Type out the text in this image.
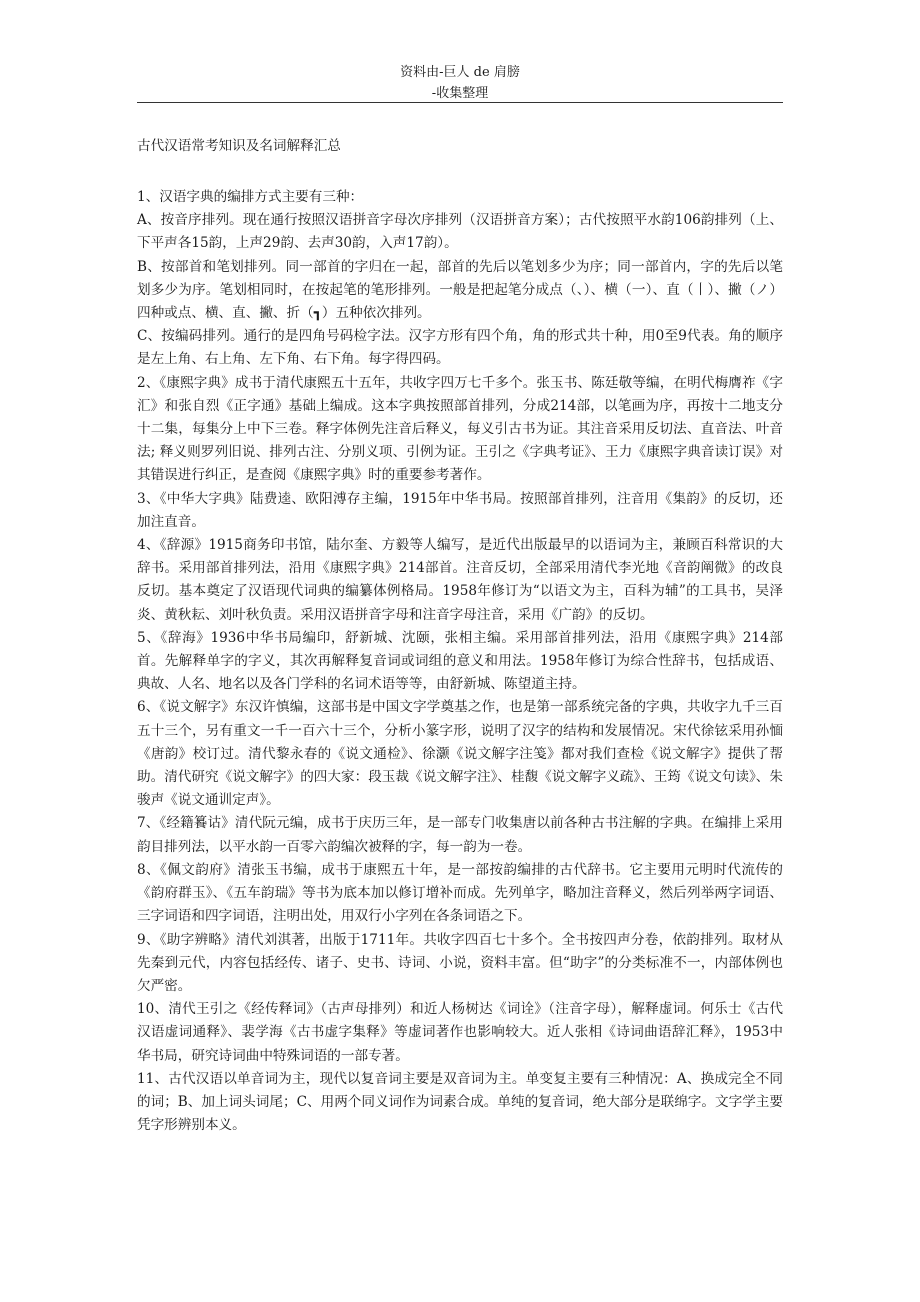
资料由-巨人 de 肩膀
-收集整理
古代汉语常考知识及名词解释汇总

1、汉语字典的编排方式主要有三种：

A、按音序排列。现在通行按照汉语拼音字母次序排列（汉语拼音方案）；古代按照平水韵106韵排列（上、下平声各15韵，上声29韵、去声30韵，入声17韵）。

B、按部首和笔划排列。同一部首的字归在一起，部首的先后以笔划多少为序；同一部首内，字的先后以笔划多少为序。笔划相同时，在按起笔的笔形排列。一般是把起笔分成点（、）、横（一）、直（丨）、撇（ノ）四种或点、横、直、撇、折（┓）五种依次排列。

C、按编码排列。通行的是四角号码检字法。汉字方形有四个角，角的形式共十种，用0至9代表。角的顺序是左上角、右上角、左下角、右下角。每字得四码。

2、《康熙字典》成书于清代康熙五十五年，共收字四万七千多个。张玉书、陈廷敬等编，在明代梅膺祚《字汇》和张自烈《正字通》基础上编成。这本字典按照部首排列，分成214部，以笔画为序，再按十二地支分十二集，每集分上中下三卷。释字体例先注音后释义，每义引古书为证。其注音采用反切法、直音法、叶音法; 释义则罗列旧说、排列古注、分别义项、引例为证。王引之《字典考证》、王力《康熙字典音读订误》对其错误进行纠正，是查阅《康熙字典》时的重要参考著作。

3、《中华大字典》陆费逵、欧阳溥存主编，1915年中华书局。按照部首排列，注音用《集韵》的反切，还加注直音。

4、《辞源》1915商务印书馆，陆尔奎、方毅等人编写，是近代出版最早的以语词为主，兼顾百科常识的大辞书。采用部首排列法，沿用《康熙字典》214部首。注音反切，全部采用清代李光地《音韵阐微》的改良反切。基本奠定了汉语现代词典的编纂体例格局。1958年修订为“以语文为主，百科为辅”的工具书，吴泽炎、黄秋耘、刘叶秋负责。采用汉语拼音字母和注音字母注音，采用《广韵》的反切。

5、《辞海》1936中华书局编印，舒新城、沈颐，张相主编。采用部首排列法，沿用《康熙字典》214部首。先解释单字的字义，其次再解释复音词或词组的意义和用法。1958年修订为综合性辞书，包括成语、典故、人名、地名以及各门学科的名词术语等等，由舒新城、陈望道主持。

6、《说文解字》东汉许慎编，这部书是中国文字学奠基之作，也是第一部系统完备的字典，共收字九千三百五十三个，另有重文一千一百六十三个，分析小篆字形，说明了汉字的结构和发展情况。宋代徐铉采用孙愐《唐韵》校订过。清代黎永春的《说文通检》、徐灏《说文解字注笺》都对我们查检《说文解字》提供了帮助。清代研究《说文解字》的四大家：段玉裁《说文解字注》、桂馥《说文解字义疏》、王筠《说文句读》、朱骏声《说文通训定声》。

7、《经籍籑诂》清代阮元编，成书于庆历三年，是一部专门收集唐以前各种古书注解的字典。在编排上采用韵目排列法，以平水韵一百零六韵编次被释的字，每一韵为一卷。

8、《佩文韵府》清张玉书编，成书于康熙五十年，是一部按韵编排的古代辞书。它主要用元明时代流传的《韵府群玉》、《五车韵瑞》等书为底本加以修订增补而成。先列单字，略加注音释义，然后列举两字词语、三字词语和四字词语，注明出处，用双行小字列在各条词语之下。

9、《助字辨略》清代刘淇著，出版于1711年。共收字四百七十多个。全书按四声分卷，依韵排列。取材从先秦到元代，内容包括经传、诸子、史书、诗词、小说，资料丰富。但“助字”的分类标准不一，内部体例也欠严密。

10、清代王引之《经传释词》（古声母排列）和近人杨树达《词诠》（注音字母），解释虚词。何乐士《古代汉语虚词通释》、裴学海《古书虚字集释》等虚词著作也影响较大。近人张相《诗词曲语辞汇释》，1953中华书局，研究诗词曲中特殊词语的一部专著。

11、古代汉语以单音词为主，现代以复音词主要是双音词为主。单变复主要有三种情况：A、换成完全不同的词；B、加上词头词尾；C、用两个同义词作为词素合成。单纯的复音词，绝大部分是联绵字。文字学主要凭字形辨别本义。
